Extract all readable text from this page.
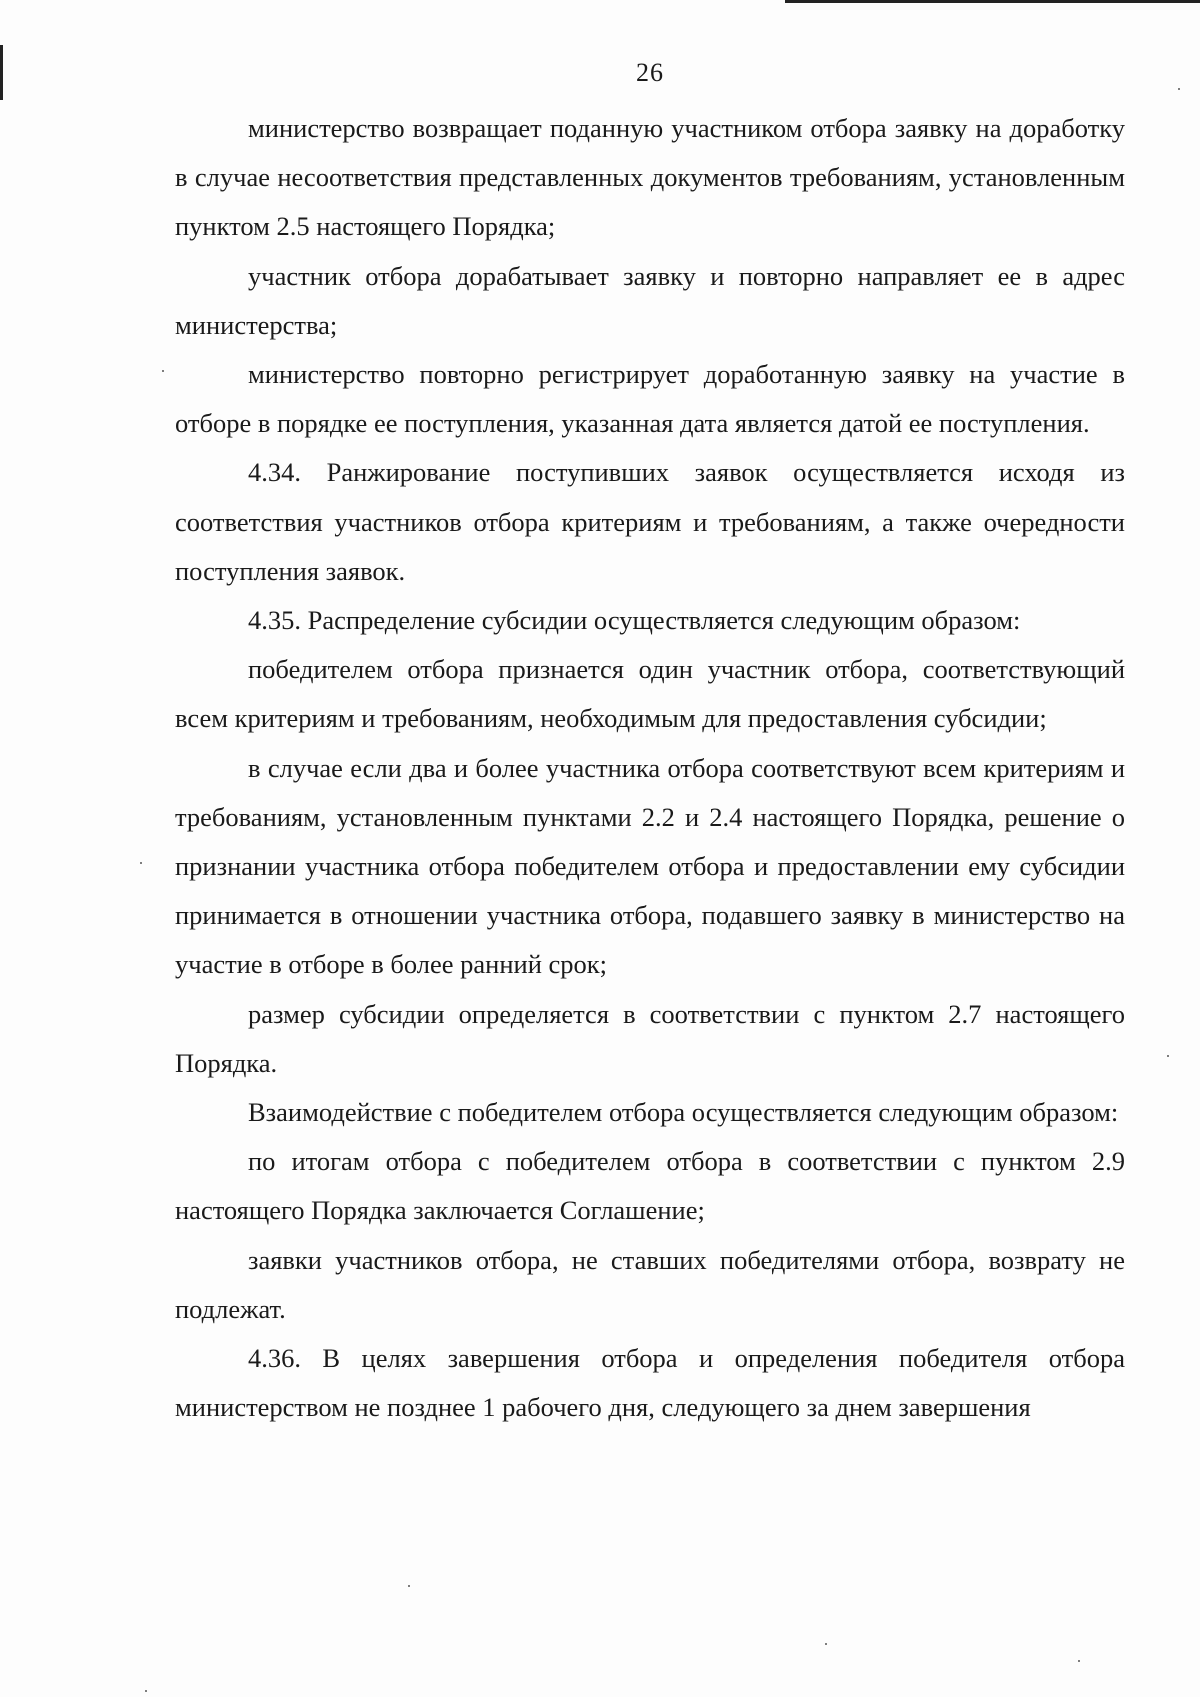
26

министерство возвращает поданную участником отбора заявку на доработку в случае несоответствия представленных документов требованиям, установленным пунктом 2.5 настоящего Порядка;

участник отбора дорабатывает заявку и повторно направляет ее в адрес министерства;

министерство повторно регистрирует доработанную заявку на участие в отборе в порядке ее поступления, указанная дата является датой ее поступления.

4.34. Ранжирование поступивших заявок осуществляется исходя из соответствия участников отбора критериям и требованиям, а также очередности поступления заявок.

4.35. Распределение субсидии осуществляется следующим образом:

победителем отбора признается один участник отбора, соответствующий всем критериям и требованиям, необходимым для предоставления субсидии;

в случае если два и более участника отбора соответствуют всем критериям и требованиям, установленным пунктами 2.2 и 2.4 настоящего Порядка, решение о признании участника отбора победителем отбора и предоставлении ему субсидии принимается в отношении участника отбора, подавшего заявку в министерство на участие в отборе в более ранний срок;

размер субсидии определяется в соответствии с пунктом 2.7 настоящего Порядка.

Взаимодействие с победителем отбора осуществляется следующим образом:

по итогам отбора с победителем отбора в соответствии с пунктом 2.9 настоящего Порядка заключается Соглашение;

заявки участников отбора, не ставших победителями отбора, возврату не подлежат.

4.36. В целях завершения отбора и определения победителя отбора министерством не позднее 1 рабочего дня, следующего за днем завершения
